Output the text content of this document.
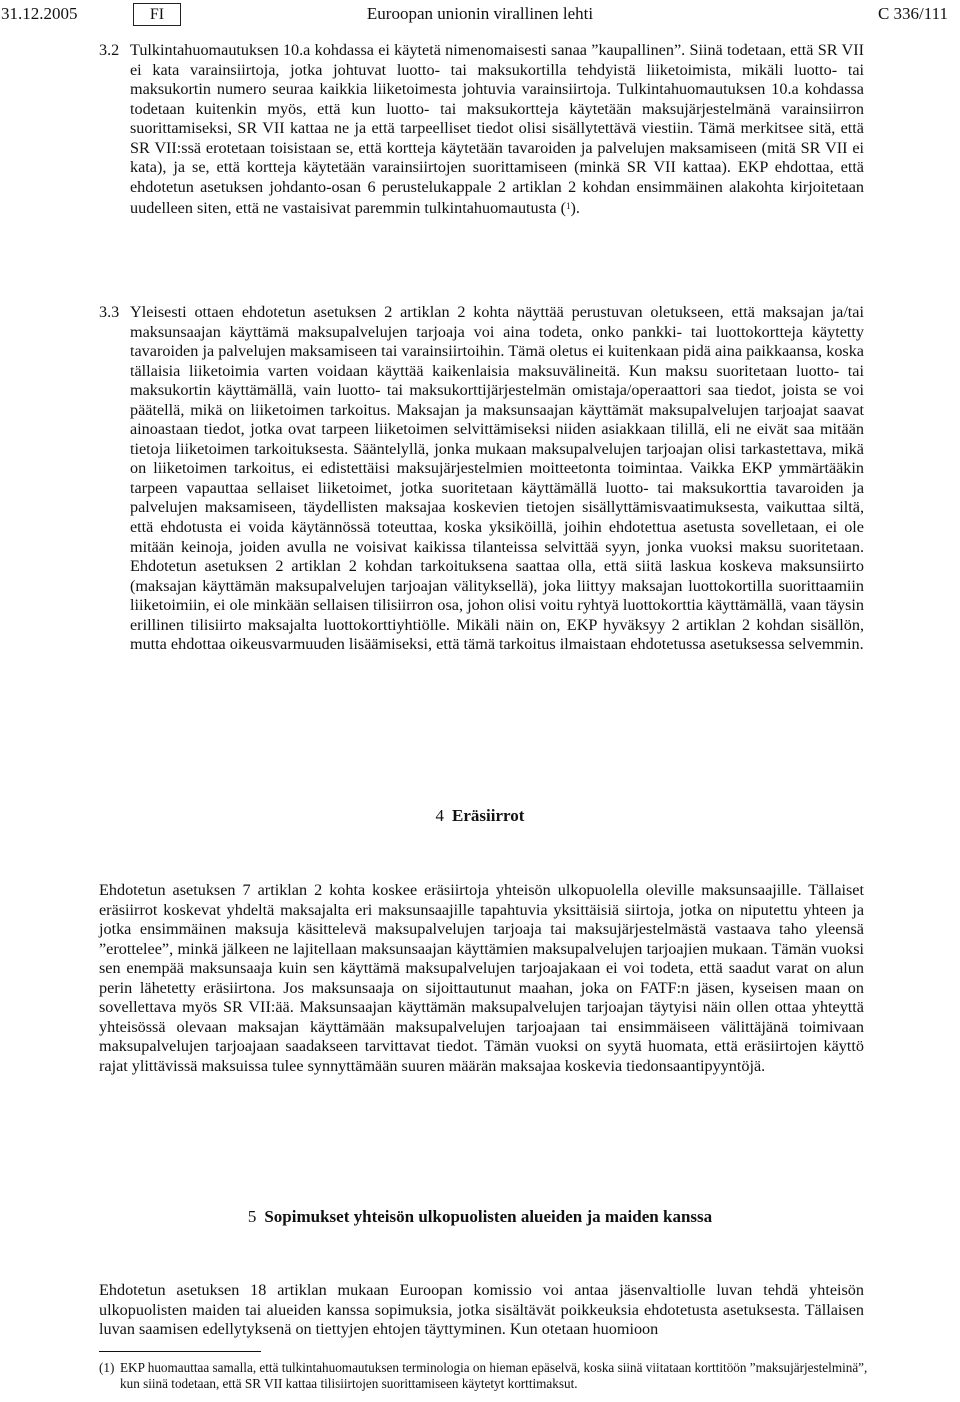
31.12.2005	Euroopan unionin virallinen lehti
FI	C 336/111

3.2 Tulkintahuomautuksen 10.a kohdassa ei käytetä nimenomaisesti sanaa ”kaupallinen”. Siinä todetaan, että SR VII ei kata varainsiirtoja, jotka johtuvat luotto- tai maksukortilla tehdyistä liiketoimista, mikäli luotto- tai maksukortin numero seuraa kaikkia liiketoimesta johtuvia varainsiirtoja. Tulkintahuomautuksen 10.a kohdassa todetaan kuitenkin myös, että kun luotto- tai maksukortteja käytetään maksujärjestelmänä varainsiirron suorittamiseksi, SR VII kattaa ne ja että tarpeelliset tiedot olisi sisällytettävä viestiin. Tämä merkitsee sitä, että SR VII:ssä erotetaan toisistaan se, että kortteja käytetään tavaroiden ja palvelujen maksamiseen (mitä SR VII ei kata), ja se, että kortteja käytetään varainsiirtojen suorittamiseen (minkä SR VII kattaa). EKP ehdottaa, että ehdotetun asetuksen johdanto-osan 6 perustelukappale 2 artiklan 2 kohdan ensimmäinen alakohta kirjoitetaan uudelleen siten, että ne vastaisivat paremmin tulkintahuomautusta ($^1$).

3.3 Yleisesti ottaen ehdotetun asetuksen 2 artiklan 2 kohta näyttää perustuvan oletukseen, että maksajan ja/tai maksunsaajan käyttämä maksupalvelujen tarjoaja voi aina todeta, onko pankki- tai luottokortteja käytetty tavaroiden ja palvelujen maksamiseen tai varainsiirtoihin. Tämä oletus ei kuitenkaan pidä aina paikkaansa, koska tällaisia liiketoimia varten voidaan käyttää kaikenlaisia maksuvälineitä. Kun maksu suoritetaan luotto- tai maksukortin käyttämällä, vain luotto- tai maksukorttijärjestelmän omistaja/operaattori saa tiedot, joista se voi päätellä, mikä on liiketoimen tarkoitus. Maksajan ja maksunsaajan käyttämät maksupalvelujen tarjoajat saavat ainoastaan tiedot, jotka ovat tarpeen liiketoimen selvittämiseksi niiden asiakkaan tilillä, eli ne eivät saa mitään tietoja liiketoimen tarkoituksesta. Sääntelyllä, jonka mukaan maksupalvelujen tarjoajan olisi tarkastettava, mikä on liiketoimen tarkoitus, ei edistettäisi maksujärjestelmien moitteetonta toimintaa. Vaikka EKP ymmärtääkin tarpeen vapauttaa sellaiset liiketoimet, jotka suoritetaan käyttämällä luotto- tai maksukorttia tavaroiden ja palvelujen maksamiseen, täydellisten maksajaa koskevien tietojen sisällyttämisvaatimuksesta, vaikuttaa siltä, että ehdotusta ei voida käytännössä toteuttaa, koska yksiköillä, joihin ehdotettua asetusta sovelletaan, ei ole mitään keinoja, joiden avulla ne voisivat kaikissa tilanteissa selvittää syyn, jonka vuoksi maksu suoritetaan. Ehdotetun asetuksen 2 artiklan 2 kohdan tarkoituksena saattaa olla, että siitä laskua koskeva maksunsiirto (maksajan käyttämän maksupalvelujen tarjoajan välityksellä), joka liittyy maksajan luottokortilla suorittaamiin liiketoimiin, ei ole minkään sellaisen tilisiirron osa, johon olisi voitu ryhtyä luottokorttia käyttämällä, vaan täysin erillinen tilisiirto maksajalta luottokorttiyhtiölle. Mikäli näin on, EKP hyväksyy 2 artiklan 2 kohdan sisällön, mutta ehdottaa oikeusvarmuuden lisäämiseksi, että tämä tarkoitus ilmaistaan ehdotetussa asetuksessa selvemmin.

4 Eräsiirrot

Ehdotetun asetuksen 7 artiklan 2 kohta koskee eräsiirtoja yhteisön ulkopuolella oleville maksunsaajille. Tällaiset eräsiirrot koskevat yhdeltä maksajalta eri maksunsaajille tapahtuvia yksittäisiä siirtoja, jotka on niputettu yhteen ja jotka ensimmäinen maksuja käsittelevä maksupalvelujen tarjoaja tai maksujärjestelmästä vastaava taho yleensä ”erottelee”, minkä jälkeen ne lajitellaan maksunsaajan käyttämien maksupalvelujen tarjoajien mukaan. Tämän vuoksi sen enempää maksunsaaja kuin sen käyttämä maksupalvelujen tarjoajakaan ei voi todeta, että saadut varat on alun perin lähetetty eräsiirtona. Jos maksunsaaja on sijoittautunut maahan, joka on FATF:n jäsen, kyseisen maan on sovellettava myös SR VII:ää. Maksunsaajan käyttämän maksupalvelujen tarjoajan täytyisi näin ollen ottaa yhteyttä yhteisössä olevaan maksajan käyttämään maksupalvelujen tarjoajaan tai ensimmäiseen välittäjänä toimivaan maksupalvelujen tarjoajaan saadakseen tarvittavat tiedot. Tämän vuoksi on syytä huomata, että eräsiirtojen käyttö rajat ylittävissä maksuissa tulee synnyttämään suuren määrän maksajaa koskevia tiedonsaantipyyntöjä.

5 Sopimukset yhteisön ulkopuolisten alueiden ja maiden kanssa

Ehdotetun asetuksen 18 artiklan mukaan Euroopan komissio voi antaa jäsenvaltiolle luvan tehdä yhteisön ulkopuolisten maiden tai alueiden kanssa sopimuksia, jotka sisältävät poikkeuksia ehdotetusta asetuksesta. Tällaisen luvan saamisen edellytyksenä on tiettyjen ehtojen täyttyminen. Kun otetaan huomioon

(1) EKP huomauttaa samalla, että tulkintahuomautuksen terminologia on hieman epäselvä, koska siinä viitataan korttitöön ”maksujärjestelminä”, kun siinä todetaan, että SR VII kattaa tilisiirtojen suorittamiseen käytetyt korttimaksut.
